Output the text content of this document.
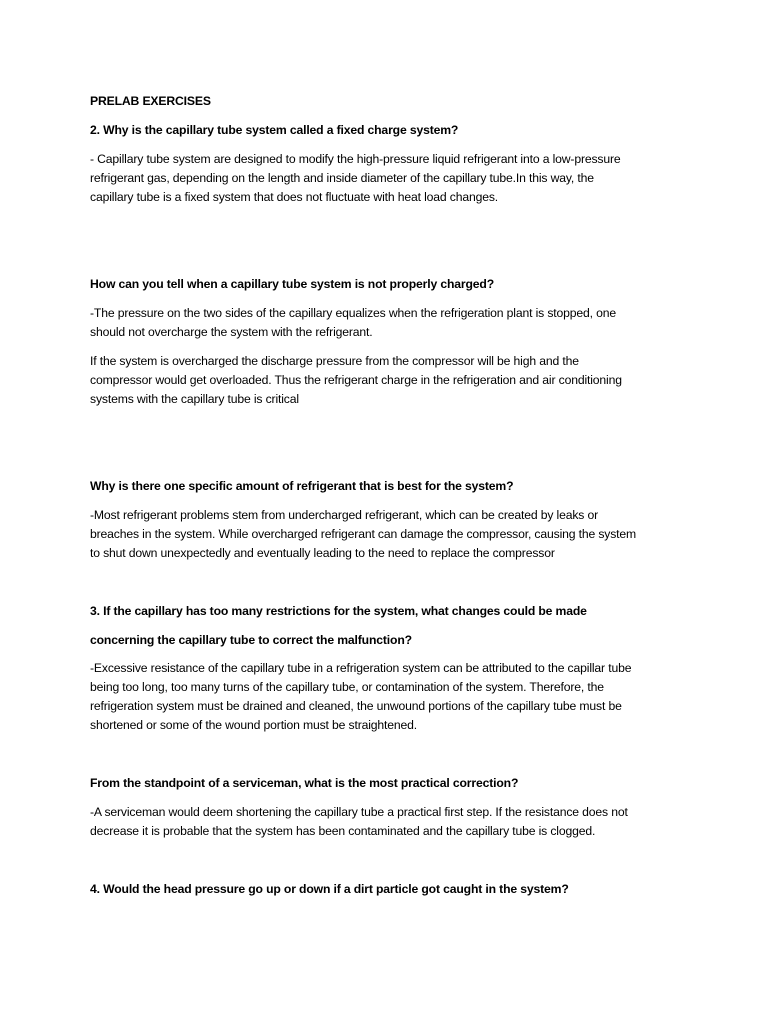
PRELAB EXERCISES
2. Why is the capillary tube system called a fixed charge system?
- Capillary tube system are designed to modify the high-pressure liquid refrigerant into a low-pressure
refrigerant gas, depending on the length and inside diameter of the capillary tube.In this way, the
capillary tube is a fixed system that does not fluctuate with heat load changes.
How can you tell when a capillary tube system is not properly charged?
-The pressure on the two sides of the capillary equalizes when the refrigeration plant is stopped, one
should not overcharge the system with the refrigerant.
If the system is overcharged the discharge pressure from the compressor will be high and the
compressor would get overloaded. Thus the refrigerant charge in the refrigeration and air conditioning
systems with the capillary tube is critical
Why is there one specific amount of refrigerant that is best for the system?
-Most refrigerant problems stem from undercharged refrigerant, which can be created by leaks or
breaches in the system. While overcharged refrigerant can damage the compressor, causing the system
to shut down unexpectedly and eventually leading to the need to replace the compressor
3. If the capillary has too many restrictions for the system, what changes could be made
concerning the capillary tube to correct the malfunction?
-Excessive resistance of the capillary tube in a refrigeration system can be attributed to the capillar tube
being too long, too many turns of the capillary tube, or contamination of the system. Therefore, the
refrigeration system must be drained and cleaned, the unwound portions of the capillary tube must be
shortened or some of the wound portion must be straightened.
From the standpoint of a serviceman, what is the most practical correction?
-A serviceman would deem shortening the capillary tube a practical first step. If the resistance does not
decrease it is probable that the system has been contaminated and the capillary tube is clogged.
4. Would the head pressure go up or down if a dirt particle got caught in the system?
